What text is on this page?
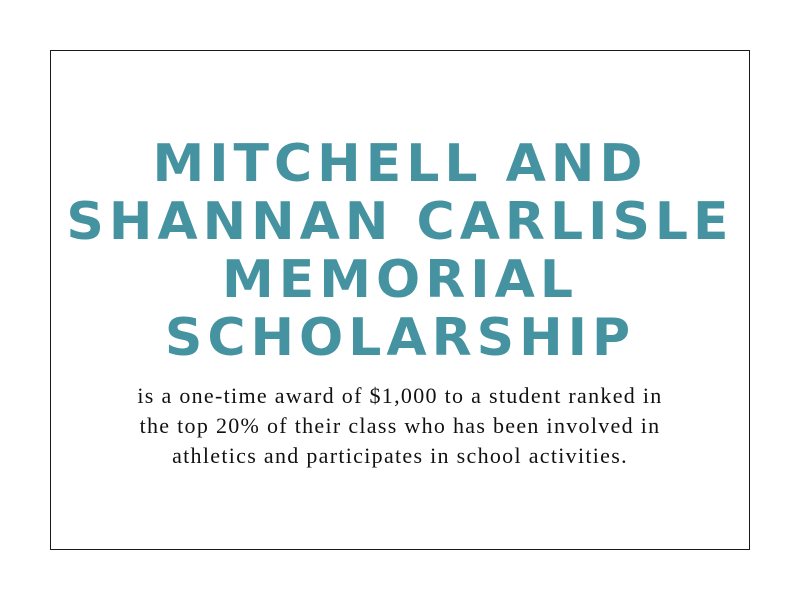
MITCHELL AND
SHANNAN CARLISLE
MEMORIAL
SCHOLARSHIP

is a one-time award of $1,000 to a student ranked in
the top 20% of their class who has been involved in
athletics and participates in school activities.
